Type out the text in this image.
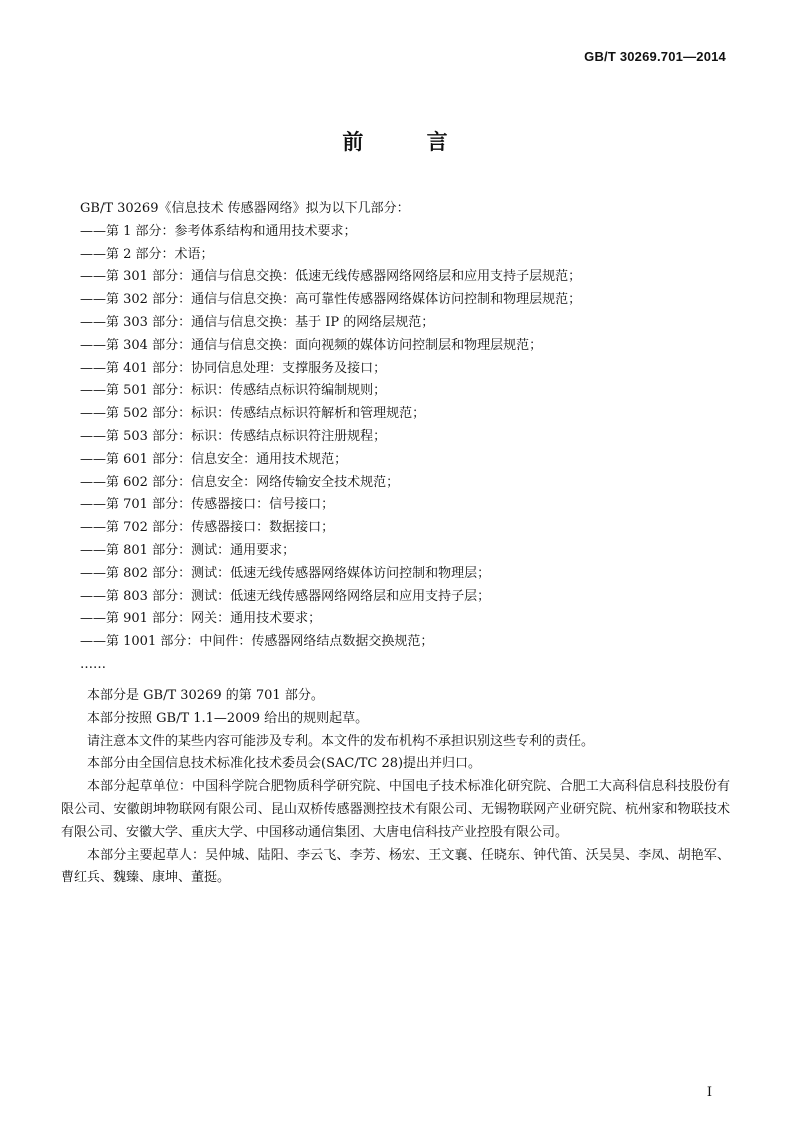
GB/T 30269.701—2014
前 言
GB/T 30269《信息技术 传感器网络》拟为以下几部分：
——第 1 部分：参考体系结构和通用技术要求；
——第 2 部分：术语；
——第 301 部分：通信与信息交换：低速无线传感器网络网络层和应用支持子层规范；
——第 302 部分：通信与信息交换：高可靠性传感器网络媒体访问控制和物理层规范；
——第 303 部分：通信与信息交换：基于 IP 的网络层规范；
——第 304 部分：通信与信息交换：面向视频的媒体访问控制层和物理层规范；
——第 401 部分：协同信息处理：支撑服务及接口；
——第 501 部分：标识：传感结点标识符编制规则；
——第 502 部分：标识：传感结点标识符解析和管理规范；
——第 503 部分：标识：传感结点标识符注册规程；
——第 601 部分：信息安全：通用技术规范；
——第 602 部分：信息安全：网络传输安全技术规范；
——第 701 部分：传感器接口：信号接口；
——第 702 部分：传感器接口：数据接口；
——第 801 部分：测试：通用要求；
——第 802 部分：测试：低速无线传感器网络媒体访问控制和物理层；
——第 803 部分：测试：低速无线传感器网络网络层和应用支持子层；
——第 901 部分：网关：通用技术要求；
——第 1001 部分：中间件：传感器网络结点数据交换规范；
……

本部分是 GB/T 30269 的第 701 部分。

本部分按照 GB/T 1.1—2009 给出的规则起草。

请注意本文件的某些内容可能涉及专利。本文件的发布机构不承担识别这些专利的责任。

本部分由全国信息技术标准化技术委员会(SAC/TC 28)提出并归口。

本部分起草单位：中国科学院合肥物质科学研究院、中国电子技术标准化研究院、合肥工大高科信息科技股份有限公司、安徽朗坤物联网有限公司、昆山双桥传感器测控技术有限公司、无锡物联网产业研究院、杭州家和物联技术有限公司、安徽大学、重庆大学、中国移动通信集团、大唐电信科技产业控股有限公司。

本部分主要起草人：吴仲城、陆阳、李云飞、李芳、杨宏、王文襄、任晓东、钟代笛、沃吴昊、李凤、胡艳军、曹红兵、魏臻、康坤、董挺。

I
